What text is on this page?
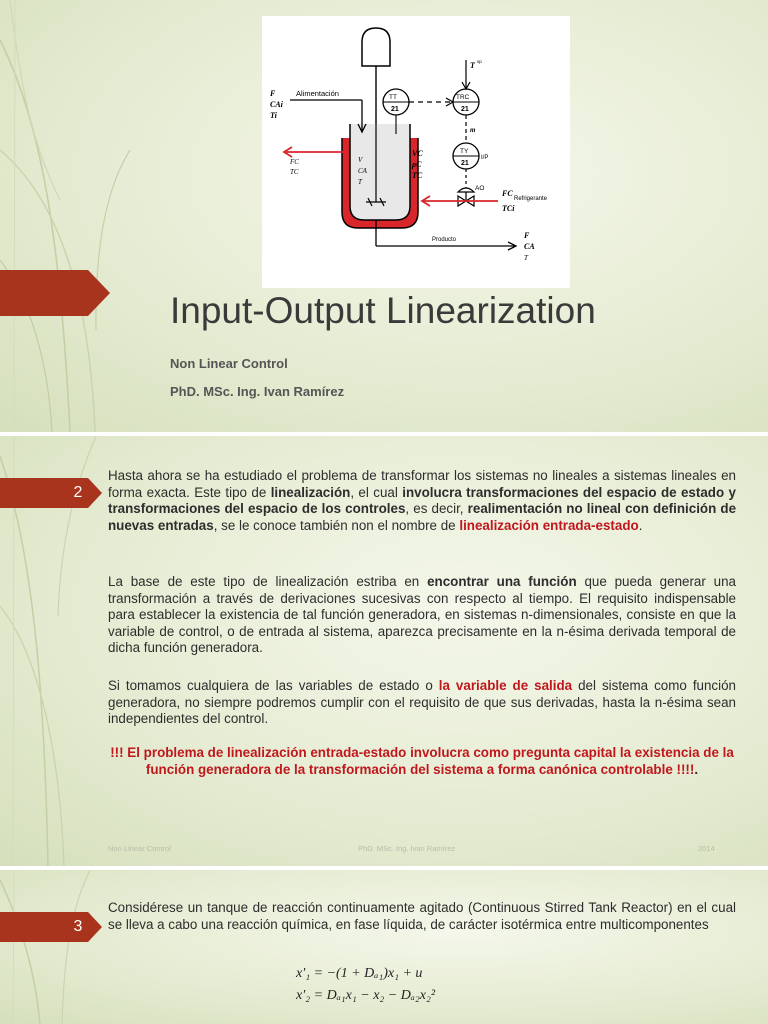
Alimentación
F
CAi
Ti
FC
TC
V
CA
T
VC
ρC
TC
TT
21
TRC
21
TY
21
T sp
m
I/P
AO
FC
TCi
Refrigerante
Producto	F
CA
T
Input-Output Linearization
Non Linear Control
PhD. MSc. Ing. Ivan Ramírez
2

Hasta ahora se ha estudiado el problema de transformar los sistemas no lineales a sistemas lineales en forma exacta. Este tipo de linealización, el cual involucra transformaciones del espacio de estado y transformaciones del espacio de los controles, es decir, realimentación no lineal con definición de nuevas entradas, se le conoce también non el nombre de linealización entrada-estado.

La base de este tipo de linealización estriba en encontrar una función que pueda generar una transformación a través de derivaciones sucesivas con respecto al tiempo. El requisito indispensable para establecer la existencia de tal función generadora, en sistemas n-dimensionales, consiste en que la variable de control, o de entrada al sistema, aparezca precisamente en la n-ésima derivada temporal de dicha función generadora.

Si tomamos cualquiera de las variables de estado o la variable de salida del sistema como función generadora, no siempre podremos cumplir con el requisito de que sus derivadas, hasta la n-ésima sean independientes del control.

!!! El problema de linealización entrada-estado involucra como pregunta capital la existencia de la función generadora de la transformación del sistema a forma canónica controlable !!!!.
Non Linear Control	PhD. MSc. Ing. Ivan Ramírez	2014
3

Considérese un tanque de reacción continuamente agitado (Continuous Stirred Tank Reactor) en el cual se lleva a cabo una reacción química, en fase líquida, de carácter isotérmica entre multicomponentes

x′₁ = −(1 + Dₐ₁)x₁ + u
x′₂ = Dₐ₁x₁ − x₂ − Dₐ₂x₂²
